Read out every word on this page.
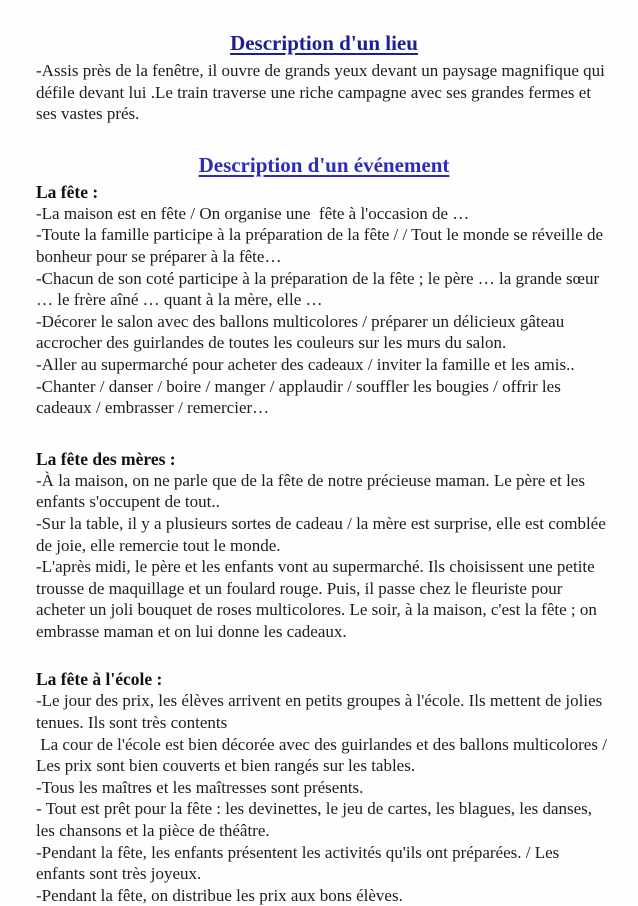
Description d'un lieu

-Assis près de la fenêtre, il ouvre de grands yeux devant un paysage magnifique qui défile devant lui .Le train traverse une riche campagne avec ses grandes fermes et ses vastes prés.

Description d'un événement

La fête :

-La maison est en fête / On organise une  fête à l'occasion de …

-Toute la famille participe à la préparation de la fête / / Tout le monde se réveille de bonheur pour se préparer à la fête…

-Chacun de son coté participe à la préparation de la fête ; le père … la grande sœur … le frère aîné … quant à la mère, elle …

-Décorer le salon avec des ballons multicolores / préparer un délicieux gâteau accrocher des guirlandes de toutes les couleurs sur les murs du salon.

-Aller au supermarché pour acheter des cadeaux / inviter la famille et les amis..

-Chanter / danser / boire / manger / applaudir / souffler les bougies / offrir les cadeaux / embrasser / remercier…

La fête des mères :

-À la maison, on ne parle que de la fête de notre précieuse maman. Le père et les enfants s'occupent de tout..

-Sur la table, il y a plusieurs sortes de cadeau / la mère est surprise, elle est comblée de joie, elle remercie tout le monde.

-L'après midi, le père et les enfants vont au supermarché. Ils choisissent une petite trousse de maquillage et un foulard rouge. Puis, il passe chez le fleuriste pour acheter un joli bouquet de roses multicolores. Le soir, à la maison, c'est la fête ; on embrasse maman et on lui donne les cadeaux.

La fête à l'école :

-Le jour des prix, les élèves arrivent en petits groupes à l'école. Ils mettent de jolies tenues. Ils sont très contents

La cour de l'école est bien décorée avec des guirlandes et des ballons multicolores / Les prix sont bien couverts et bien rangés sur les tables.

-Tous les maîtres et les maîtresses sont présents.

- Tout est prêt pour la fête : les devinettes, le jeu de cartes, les blagues, les danses, les chansons et la pièce de théâtre.

-Pendant la fête, les enfants présentent les activités qu'ils ont préparées. / Les enfants sont très joyeux.

-Pendant la fête, on distribue les prix aux bons élèves.
